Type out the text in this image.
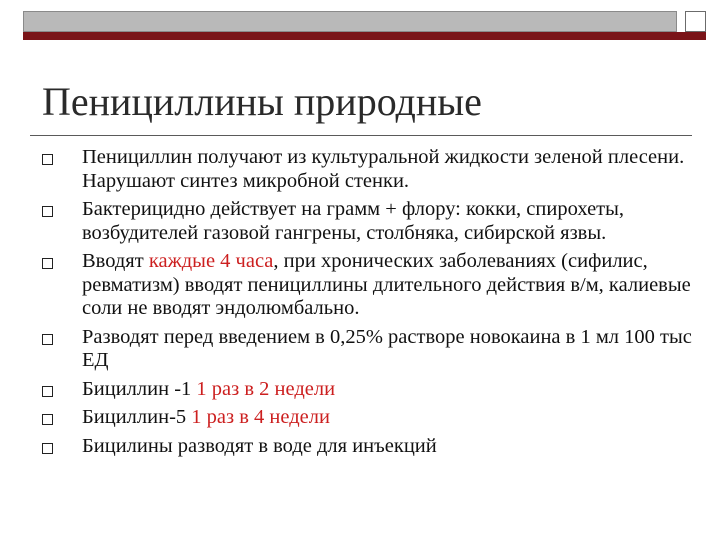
Пенициллины природные
Пенициллин получают из культуральной жидкости зеленой плесени. Нарушают синтез микробной стенки.
Бактерицидно действует на грамм + флору: кокки, спирохеты, возбудителей газовой гангрены, столбняка, сибирской язвы.
Вводят каждые 4 часа, при хронических заболеваниях (сифилис, ревматизм) вводят пенициллины длительного действия в/м, калиевые соли не вводят эндолюмбально.
Разводят перед введением в 0,25% растворе новокаина в 1 мл 100 тыс ЕД
Бициллин -1 1 раз в 2 недели
Бициллин-5 1 раз в 4 недели
Бицилины разводят в воде для инъекций
